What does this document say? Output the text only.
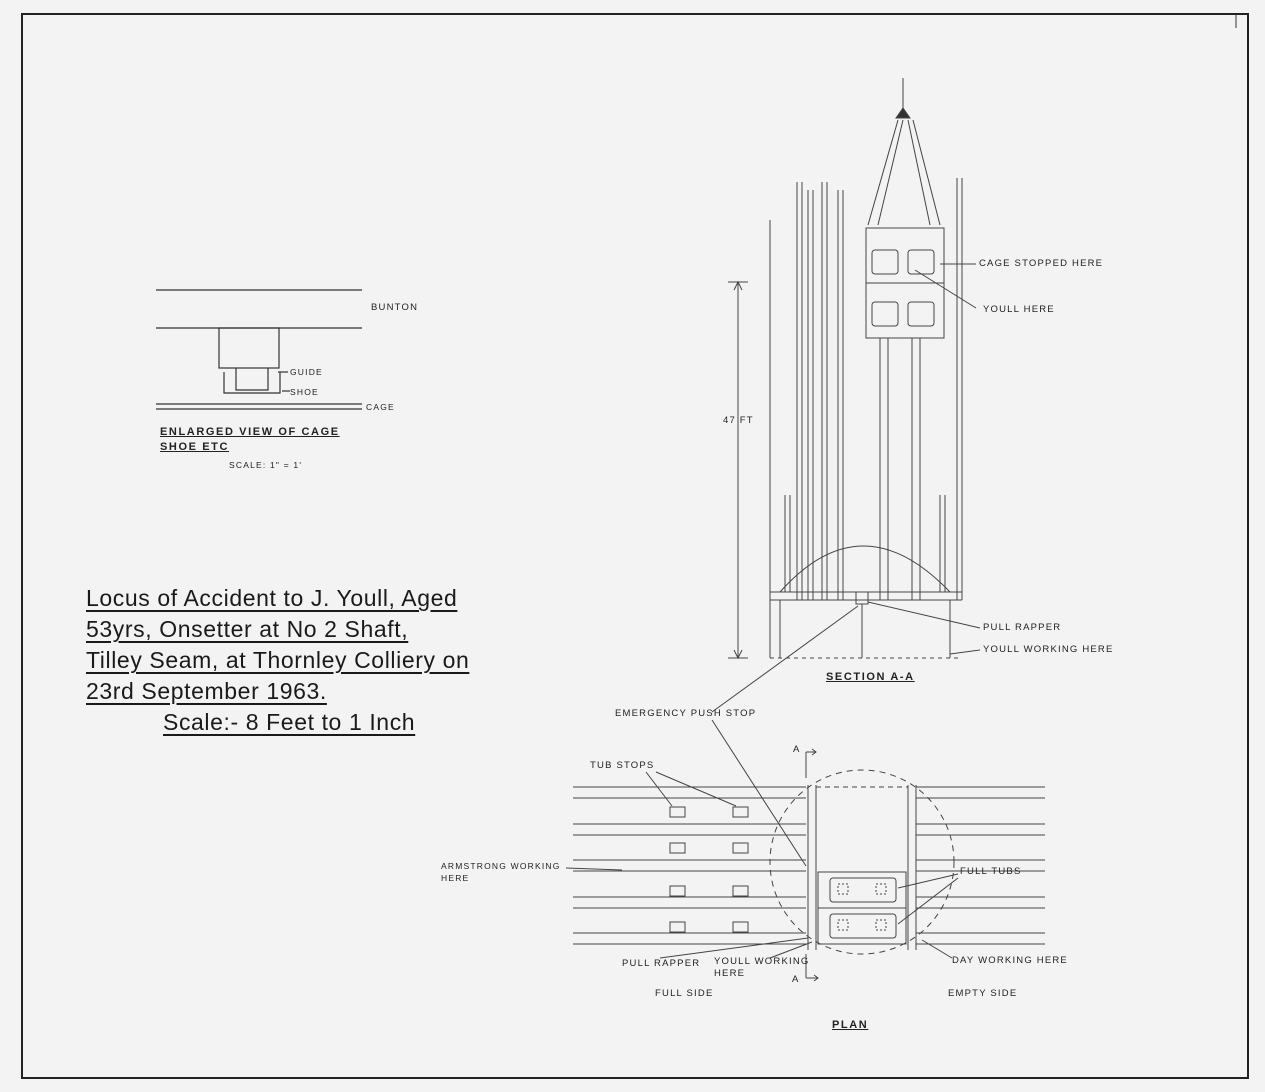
BUNTON
GUIDE
SHOE
CAGE
ENLARGED VIEW OF CAGE
SHOE ETC
SCALE: 1" = 1'
Locus of Accident to J. Youll, Aged
53yrs, Onsetter at No 2 Shaft,
Tilley Seam, at Thornley Colliery on
23rd September 1963.
Scale:- 8 Feet to 1 Inch
CAGE STOPPED HERE
YOULL HERE
47 FT
PULL RAPPER
YOULL WORKING HERE
SECTION A-A
EMERGENCY PUSH STOP
A
TUB STOPS
ARMSTRONG WORKING
HERE
FULL TUBS
PULL RAPPER YOULL WORKING
HERE
DAY WORKING HERE
A
FULL SIDE	EMPTY SIDE
PLAN
